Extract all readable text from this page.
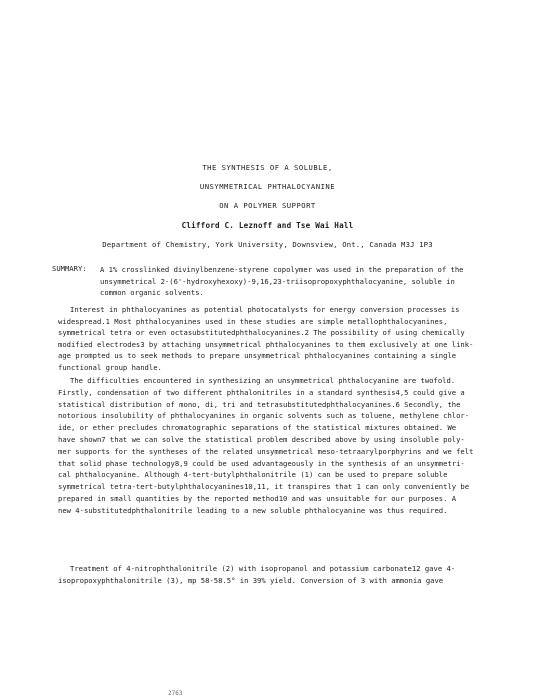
THE SYNTHESIS OF A SOLUBLE,
UNSYMMETRICAL PHTHALOCYANINE
ON A POLYMER SUPPORT
Clifford C. Leznoff and Tse Wai Hall
Department of Chemistry, York University, Downsview, Ont., Canada M3J 1P3
SUMMARY: A 1% crosslinked divinylbenzene-styrene copolymer was used in the preparation of the
unsymmetrical 2-(6'-hydroxyhexoxy)-9,16,23-triisopropoxyphthalocyanine, soluble in
common organic solvents.
Interest in phthalocyanines as potential photocatalysts for energy conversion processes is
widespread.1 Most phthalocyanines used in these studies are simple metallophthalocyanines,
symmetrical tetra or even octasubstitutedphthalocyanines.2 The possibility of using chemically
modified electrodes3 by attaching unsymmetrical phthalocyanines to them exclusively at one link-
age prompted us to seek methods to prepare unsymmetrical phthalocyanines containing a single
functional group handle.
The difficulties encountered in synthesizing an unsymmetrical phthalocyanine are twofold.
Firstly, condensation of two different phthalonitriles in a standard synthesis4,5 could give a
statistical distribution of mono, di, tri and tetrasubstitutedphthalocyanines.6 Secondly, the
notorious insolubility of phthalocyanines in organic solvents such as toluene, methylene chlor-
ide, or ether precludes chromatographic separations of the statistical mixtures obtained. We
have shown7 that we can solve the statistical problem described above by using insoluble poly-
mer supports for the syntheses of the related unsymmetrical meso-tetraarylporphyrins and we felt
that solid phase technology8,9 could be used advantageously in the synthesis of an unsymmetri-
cal phthalocyanine. Although 4-tert-butylphthalonitrile (1) can be used to prepare soluble
symmetrical tetra-tert-butylphthalocyanines10,11, it transpires that 1 can only conveniently be
prepared in small quantities by the reported method10 and was unsuitable for our purposes. A
new 4-substitutedphthalonitrile leading to a new soluble phthalocyanine was thus required.
Treatment of 4-nitrophthalonitrile (2) with isopropanol and potassium carbonate12 gave 4-
isopropoxyphthalonitrile (3), mp 58-58.5° in 39% yield. Conversion of 3 with ammonia gave
2763
